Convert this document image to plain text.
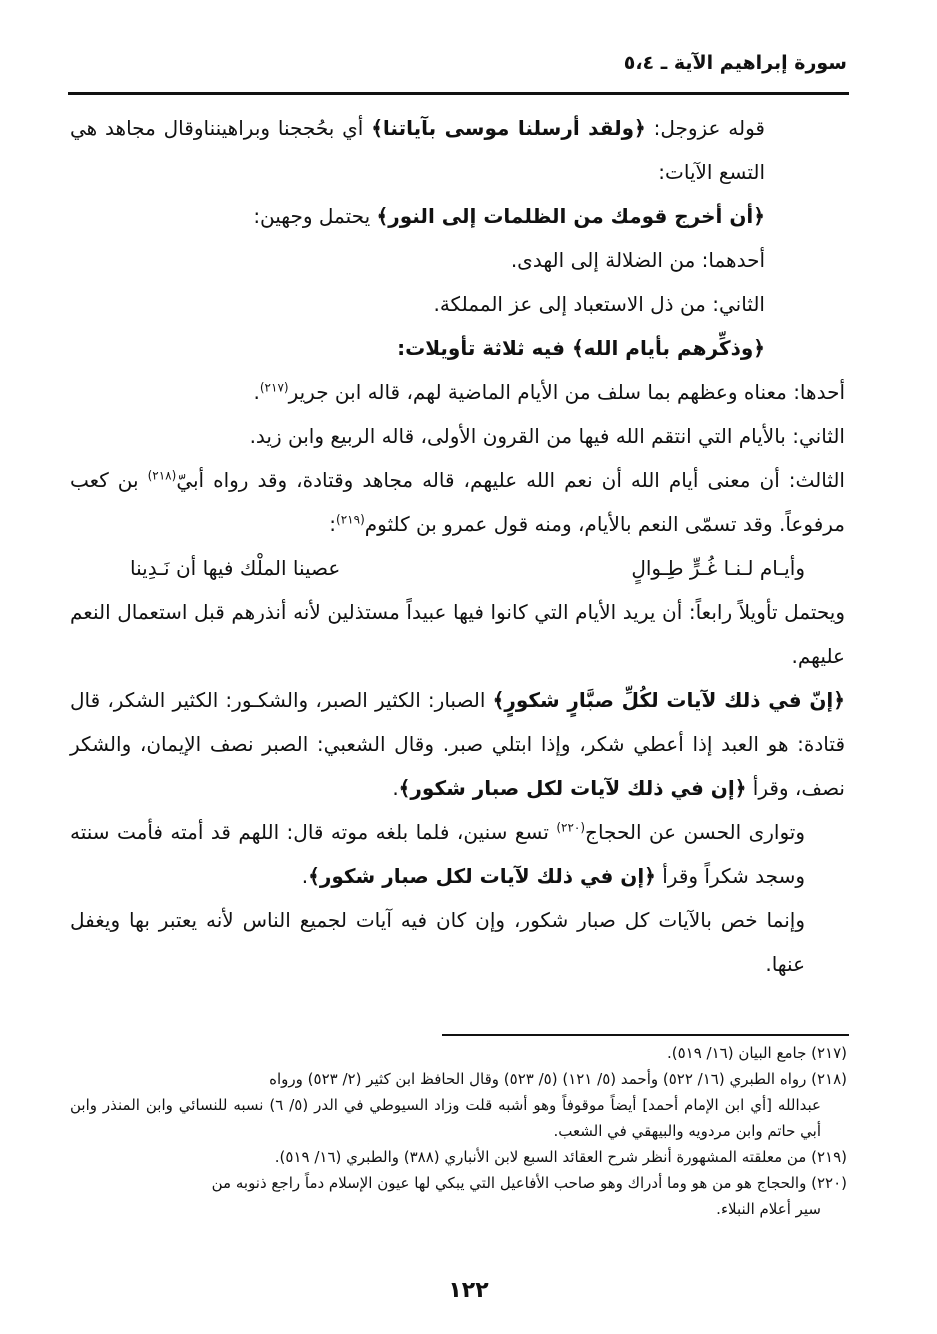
سورة إبراهيم الآية ـ ٥،٤

قوله عزوجل: ﴿ولقد أرسلنا موسى بآياتنا﴾ أي بحُججنا وبراهينناوقال مجاهد هي التسع الآيات:

﴿أن أخرج قومك من الظلمات إلى النور﴾ يحتمل وجهين:

أحدهما: من الضلالة إلى الهدى.

الثاني: من ذل الاستعباد إلى عز المملكة.

﴿وذكِّرهم بأيام الله﴾ فيه ثلاثة تأويلات:

أحدها: معناه وعظهم بما سلف من الأيام الماضية لهم، قاله ابن جرير$^{(٢١٧)}$.

الثاني: بالأيام التي انتقم الله فيها من القرون الأولى، قاله الربيع وابن زيد.

الثالث: أن معنى أيام الله أن نعم الله عليهم، قاله مجاهد وقتادة، وقد رواه أبيّ$^{(٢١٨)}$ بن كعب مرفوعاً. وقد تسمّى النعم بالأيام، ومنه قول عمرو بن كلثوم$^{(٢١٩)}$:

وأيـام لـنـا غُـرٍّ طِـوالٍ
عصينا الملْك فيها أن نَـدِينا

ويحتمل تأويلاً رابعاً: أن يريد الأيام التي كانوا فيها عبيداً مستذلين لأنه أنذرهم قبل استعمال النعم عليهم.

﴿إنّ في ذلك لآيات لكُلِّ صبَّارٍ شكورٍ﴾ الصبار: الكثير الصبر، والشكـور: الكثير الشكر، قال قتادة: هو العبد إذا أعطي شكر، وإذا ابتلي صبر. وقال الشعبي: الصبر نصف الإيمان، والشكر نصف، وقرأ ﴿إن في ذلك لآيات لكل صبار شكور﴾.

وتوارى الحسن عن الحجاج$^{(٢٢٠)}$ تسع سنين، فلما بلغه موته قال: اللهم قد أمته فأمت سنته وسجد شكراً وقرأ ﴿إن في ذلك لآيات لكل صبار شكور﴾.

وإنما خص بالآيات كل صبار شكور، وإن كان فيه آيات لجميع الناس لأنه يعتبر بها ويغفل عنها.

(٢١٧) جامع البيان (١٦/ ٥١٩).

(٢١٨) رواه الطبري (١٦/ ٥٢٢) وأحمد (٥/ ١٢١) (٥/ ٥٢٣) وقال الحافظ ابن كثير (٢/ ٥٢٣) ورواه

عبدالله [أي ابن الإمام أحمد] أيضاً موقوفاً وهو أشبه قلت وزاد السيوطي في الدر (٥/ ٦) نسبه للنسائي وابن المنذر وابن أبي حاتم وابن مردويه والبيهقي في الشعب.

(٢١٩) من معلقته المشهورة أنظر شرح العقائد السبع لابن الأنباري (٣٨٨) والطبري (١٦/ ٥١٩).

(٢٢٠) والحجاج هو من هو وما أدراك وهو صاحب الأفاعيل التي يبكي لها عيون الإسلام دماً راجع ذنوبه من

سير أعلام النبلاء.

١٢٢
